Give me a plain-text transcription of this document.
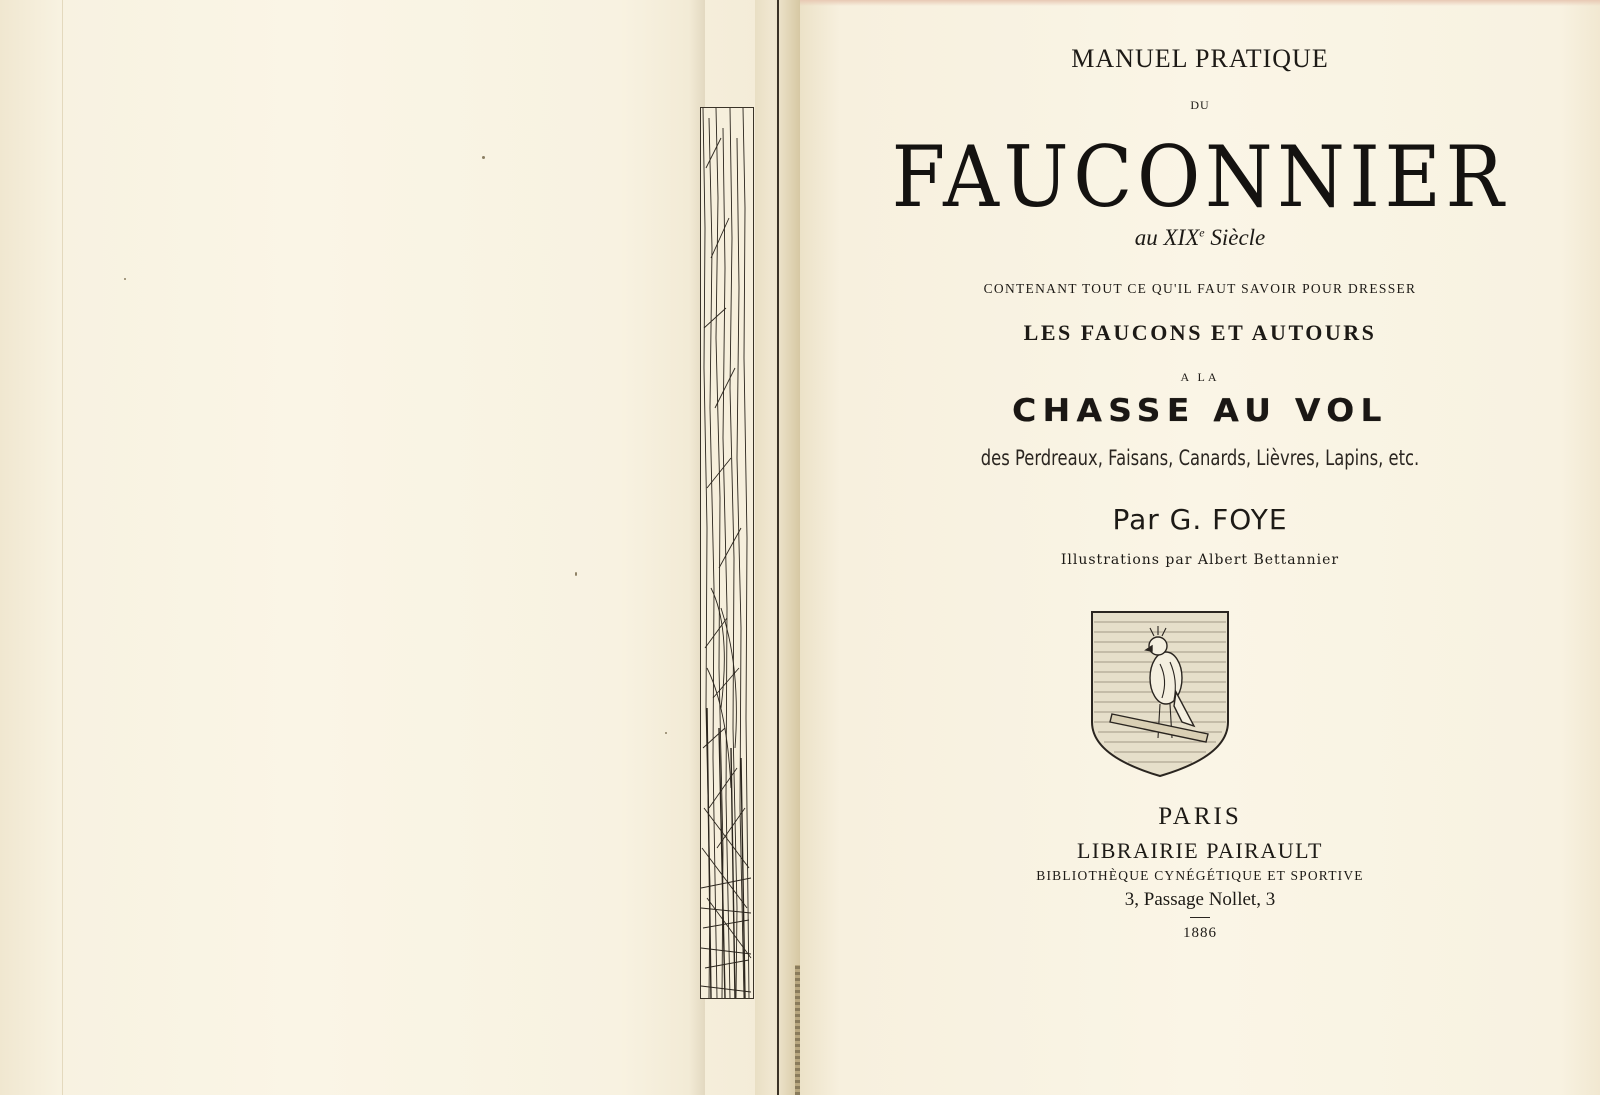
MANUEL PRATIQUE
DU
FAUCONNIER
au XIXe Siècle
CONTENANT TOUT CE QU'IL FAUT SAVOIR POUR DRESSER
LES FAUCONS ET AUTOURS
A LA
CHASSE AU VOL
des Perdreaux, Faisans, Canards, Lièvres, Lapins, etc.
Par G. FOYE
Illustrations par Albert Bettannier
PARIS
LIBRAIRIE PAIRAULT
BIBLIOTHÈQUE CYNÉGÉTIQUE ET SPORTIVE
3, Passage Nollet, 3
1886
